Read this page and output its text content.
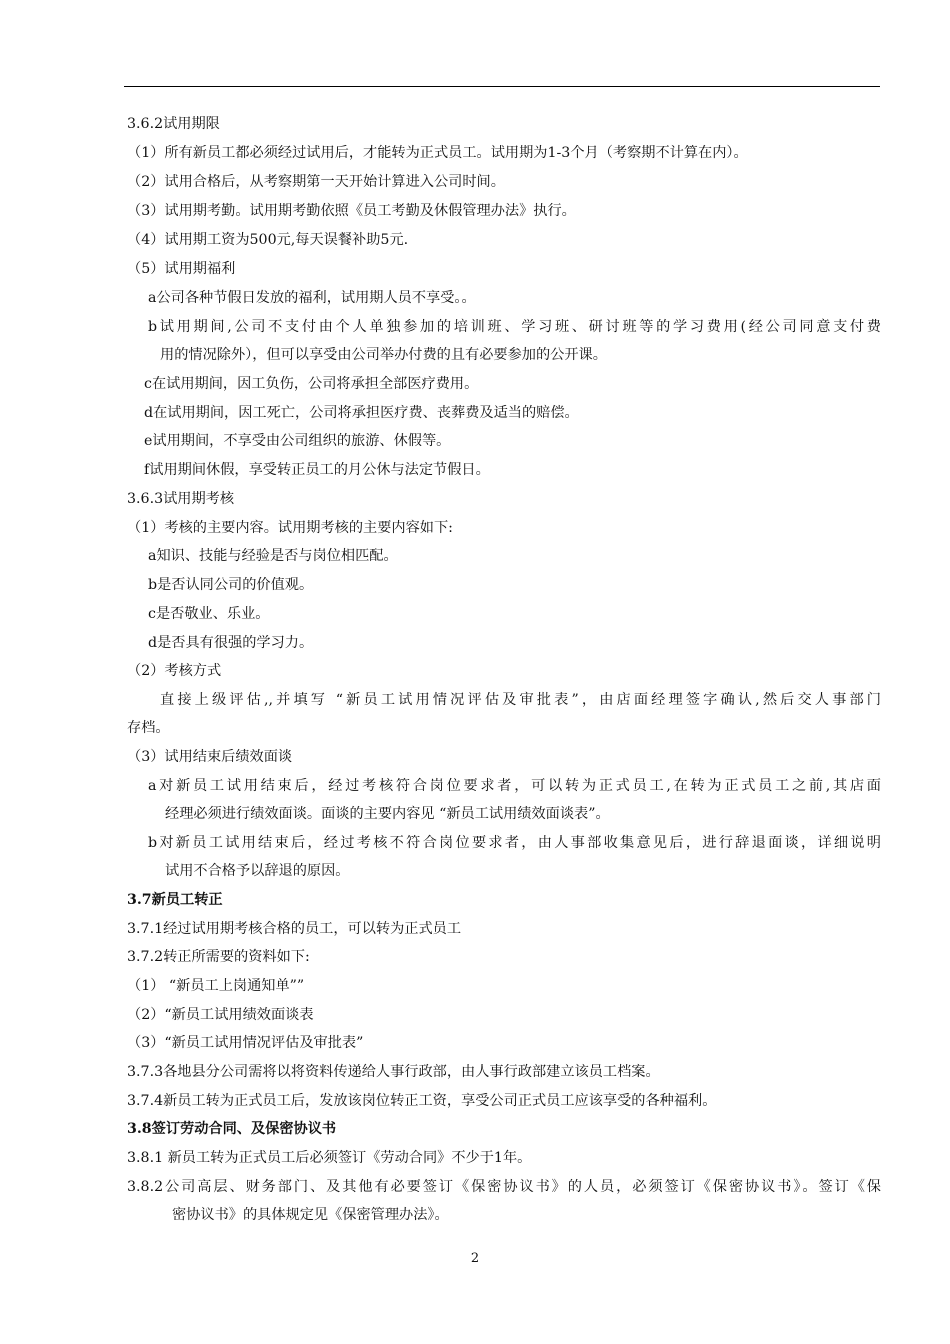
3.6.2试用期限
（1）所有新员工都必须经过试用后，才能转为正式员工。试用期为1-3个月（考察期不计算在内）。
（2）试用合格后，从考察期第一天开始计算进入公司时间。
（3）试用期考勤。试用期考勤依照《员工考勤及休假管理办法》执行。
（4）试用期工资为500元,每天误餐补助5元.
（5）试用期福利
a公司各种节假日发放的福利，试用期人员不享受。。
b试用期间,公司不支付由个人单独参加的培训班、学习班、研讨班等的学习费用(经公司同意支付费
用的情况除外），但可以享受由公司举办付费的且有必要参加的公开课。
c在试用期间，因工负伤，公司将承担全部医疗费用。
d在试用期间，因工死亡，公司将承担医疗费、丧葬费及适当的赔偿。
e试用期间，不享受由公司组织的旅游、休假等。
f试用期间休假，享受转正员工的月公休与法定节假日。
3.6.3试用期考核
（1）考核的主要内容。试用期考核的主要内容如下:
a知识、技能与经验是否与岗位相匹配。
b是否认同公司的价值观。
c是否敬业、乐业。
d是否具有很强的学习力。
（2）考核方式
直接上级评估,,并填写 “新员工试用情况评估及审批表”，由店面经理签字确认,然后交人事部门
存档。
（3）试用结束后绩效面谈
a对新员工试用结束后，经过考核符合岗位要求者，可以转为正式员工,在转为正式员工之前,其店面
经理必须进行绩效面谈。面谈的主要内容见 “新员工试用绩效面谈表”。
b对新员工试用结束后，经过考核不符合岗位要求者，由人事部收集意见后，进行辞退面谈，详细说明
试用不合格予以辞退的原因。
3.7新员工转正
3.7.1经过试用期考核合格的员工，可以转为正式员工
3.7.2转正所需要的资料如下:
（1） “新员工上岗通知单””
（2）“新员工试用绩效面谈表
（3）“新员工试用情况评估及审批表”
3.7.3各地县分公司需将以将资料传递给人事行政部，由人事行政部建立该员工档案。
3.7.4新员工转为正式员工后，发放该岗位转正工资，享受公司正式员工应该享受的各种福利。
3.8签订劳动合同、及保密协议书
3.8.1 新员工转为正式员工后必须签订《劳动合同》不少于1年。
3.8.2公司高层、财务部门、及其他有必要签订《保密协议书》的人员，必须签订《保密协议书》。签订《保
密协议书》的具体规定见《保密管理办法》。
2
